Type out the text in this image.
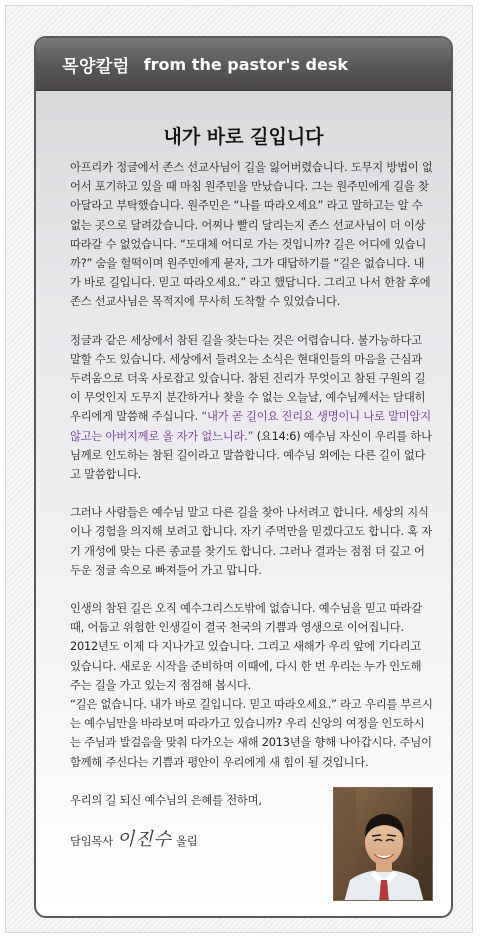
목양칼럼 from the pastor's desk
내가 바로 길입니다

아프리카 정글에서 존스 선교사님이 길을 잃어버렸습니다. 도무지 방법이 없어서 포기하고 있을 때 마침 원주민을 만났습니다. 그는 원주민에게 길을 찾아달라고 부탁했습니다. 원주민은 “나를 따라오세요” 라고 말하고는 알 수 없는 곳으로 달려갔습니다. 어찌나 빨리 달리는지 존스 선교사님이 더 이상 따라갈 수 없었습니다. “도대체 어디로 가는 것입니까? 길은 어디에 있습니까?” 숨을 헐떡이며 원주민에게 묻자, 그가 대답하기를 “길은 없습니다. 내가 바로 길입니다. 믿고 따라오세요.” 라고 했답니다. 그리고 나서 한참 후에 존스 선교사님은 목적지에 무사히 도착할 수 있었습니다.

정글과 같은 세상에서 참된 길을 찾는다는 것은 어렵습니다. 불가능하다고 말할 수도 있습니다. 세상에서 들려오는 소식은 현대인들의 마음을 근심과 두려움으로 더욱 사로잡고 있습니다. 참된 진리가 무엇이고 참된 구원의 길이 무엇인지 도무지 분간하거나 찾을 수 없는 오늘날, 예수님께서는 담대히 우리에게 말씀해 주십니다. “내가 곧 길이요 진리요 생명이니 나로 말미암지 않고는 아버지께로 올 자가 없느니라.” (요14:6) 예수님 자신이 우리를 하나님께로 인도하는 참된 길이라고 말씀합니다. 예수님 외에는 다른 길이 없다고 말씀합니다.

그러나 사람들은 예수님 말고 다른 길을 찾아 나서려고 합니다. 세상의 지식이나 경험을 의지해 보려고 합니다. 자기 주먹만을 믿겠다고도 합니다. 혹 자기 개성에 맞는 다른 종교를 찾기도 합니다. 그러나 결과는 점점 더 깊고 어두운 정글 속으로 빠져들어 가고 맙니다.

인생의 참된 길은 오직 예수그리스도밖에 없습니다. 예수님을 믿고 따라갈 때, 어둡고 위험한 인생길이 결국 천국의 기쁨과 영생으로 이어집니다. 2012년도 이제 다 지나가고 있습니다. 그리고 새해가 우리 앞에 기다리고 있습니다. 새로운 시작을 준비하며 이때에, 다시 한 번 우리는 누가 인도해 주는 길을 가고 있는지 점검해 봅시다.

“길은 없습니다. 내가 바로 길입니다. 믿고 따라오세요.” 라고 우리를 부르시는 예수님만을 바라보며 따라가고 있습니까? 우리 신앙의 여정을 인도하시는 주님과 발걸음을 맞춰 다가오는 새해 2013년을 향해 나아갑시다. 주님이 함께해 주신다는 기쁨과 평안이 우리에게 새 힘이 될 것입니다.

우리의 길 되신 예수님의 은혜를 전하며,
담임목사 이진수 올림
